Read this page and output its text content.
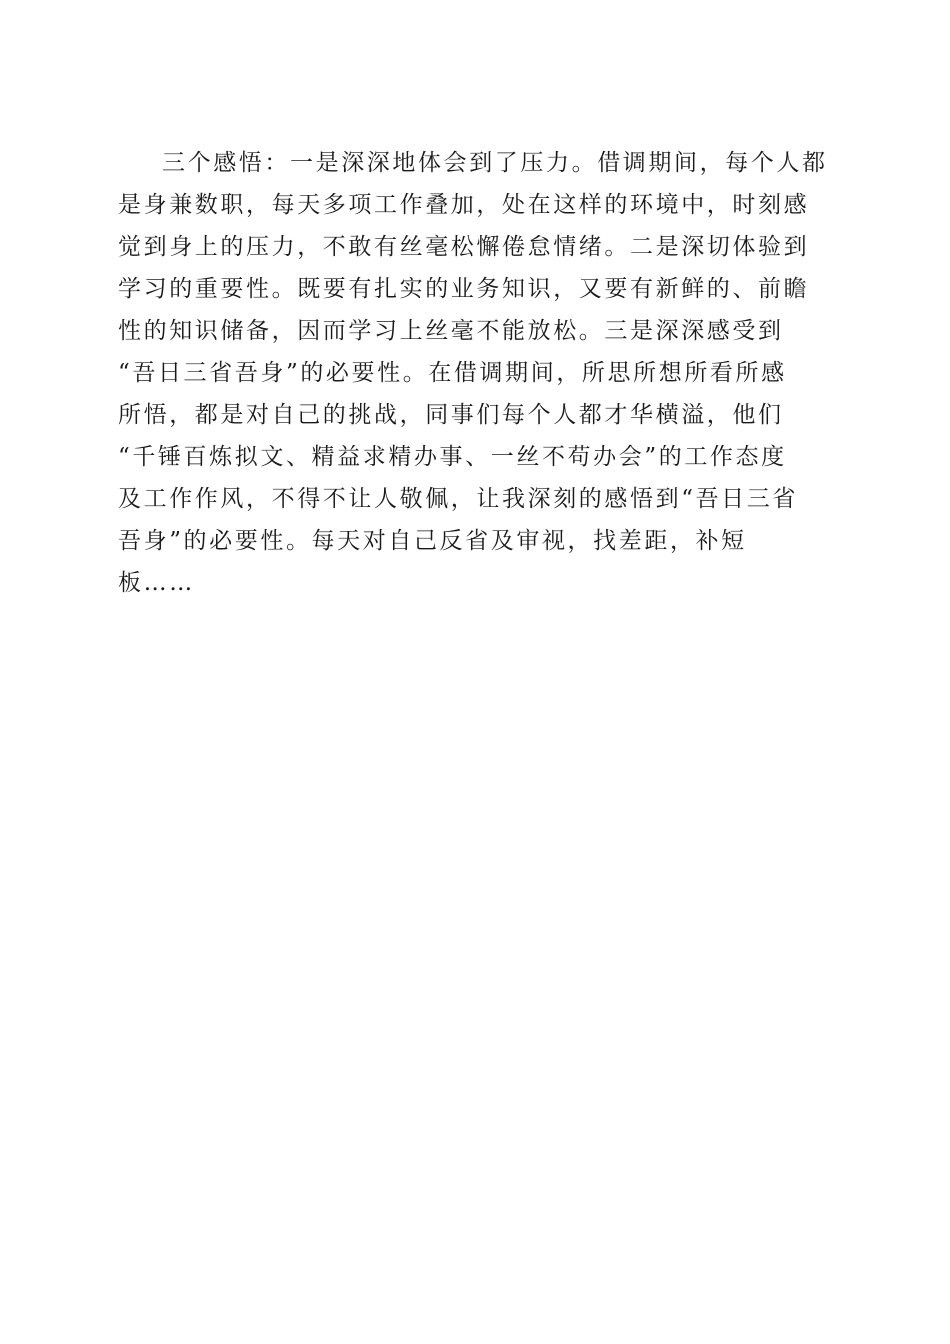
三个感悟：一是深深地体会到了压力。借调期间，每个人都
是身兼数职，每天多项工作叠加，处在这样的环境中，时刻感
觉到身上的压力，不敢有丝毫松懈倦怠情绪。二是深切体验到
学习的重要性。既要有扎实的业务知识，又要有新鲜的、前瞻
性的知识储备，因而学习上丝毫不能放松。三是深深感受到
“吾日三省吾身”的必要性。在借调期间，所思所想所看所感
所悟，都是对自己的挑战，同事们每个人都才华横溢，他们
“千锤百炼拟文、精益求精办事、一丝不苟办会”的工作态度
及工作作风，不得不让人敬佩，让我深刻的感悟到“吾日三省
吾身”的必要性。每天对自己反省及审视，找差距，补短
板……
